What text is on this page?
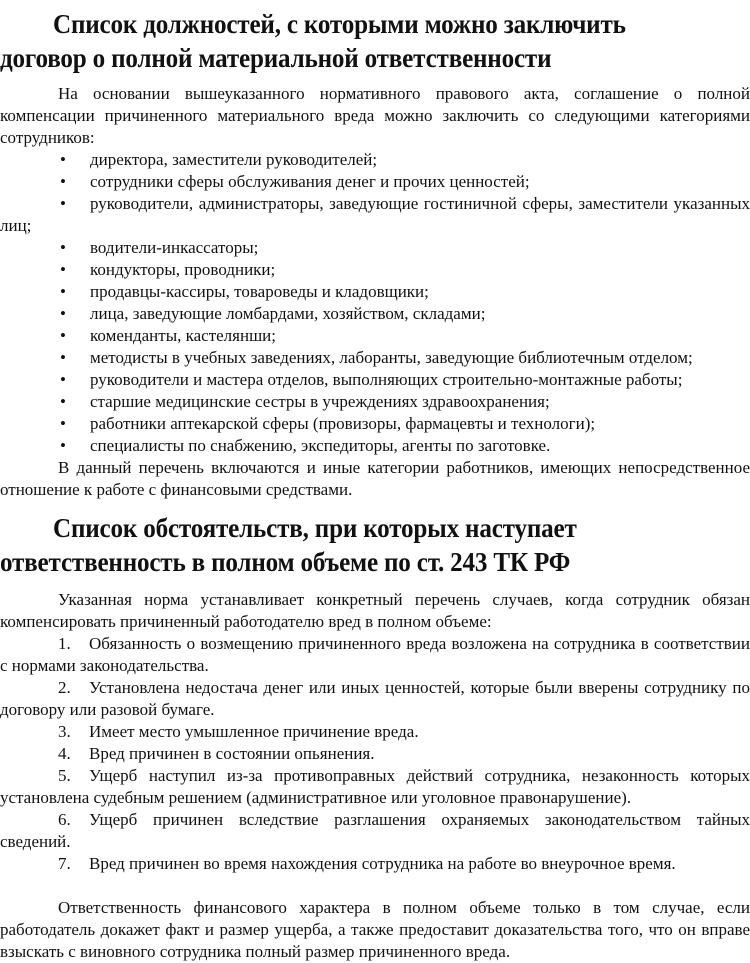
Список должностей, с которыми можно заключить
договор о полной материальной ответственности

На основании вышеуказанного нормативного правового акта, соглашение о полной компенсации причиненного материального вреда можно заключить со следующими категориями сотрудников:

• директора, заместители руководителей;
• сотрудники сферы обслуживания денег и прочих ценностей;
• руководители, администраторы, заведующие гостиничной сферы, заместители указанных лиц;
• водители-инкассаторы;
• кондукторы, проводники;
• продавцы-кассиры, товароведы и кладовщики;
• лица, заведующие ломбардами, хозяйством, складами;
• коменданты, кастелянши;
• методисты в учебных заведениях, лаборанты, заведующие библиотечным отделом;
• руководители и мастера отделов, выполняющих строительно-монтажные работы;
• старшие медицинские сестры в учреждениях здравоохранения;
• работники аптекарской сферы (провизоры, фармацевты и технологи);
• специалисты по снабжению, экспедиторы, агенты по заготовке.

В данный перечень включаются и иные категории работников, имеющих непосредственное отношение к работе с финансовыми средствами.

Список обстоятельств, при которых наступает
ответственность в полном объеме по ст. 243 ТК РФ

Указанная норма устанавливает конкретный перечень случаев, когда сотрудник обязан компенсировать причиненный работодателю вред в полном объеме:

1. Обязанность о возмещению причиненного вреда возложена на сотрудника в соответствии с нормами законодательства.
2. Установлена недостача денег или иных ценностей, которые были вверены сотруднику по договору или разовой бумаге.
3. Имеет место умышленное причинение вреда.
4. Вред причинен в состоянии опьянения.
5. Ущерб наступил из-за противоправных действий сотрудника, незаконность которых установлена судебным решением (административное или уголовное правонарушение).
6. Ущерб причинен вследствие разглашения охраняемых законодательством тайных сведений.
7. Вред причинен во время нахождения сотрудника на работе во внеурочное время.

Ответственность финансового характера в полном объеме только в том случае, если работодатель докажет факт и размер ущерба, а также предоставит доказательства того, что он вправе взыскать с виновного сотрудника полный размер причиненного вреда.
